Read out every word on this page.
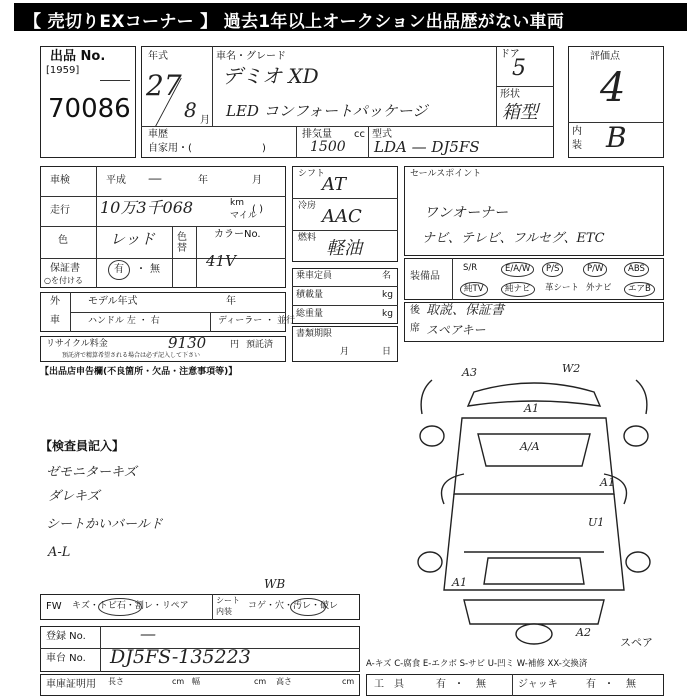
【 売切りEXコーナー 】 過去1年以上オークション出品歴がない車両
出品 No.
[1959]
70086
年式
27
8 月
車名・グレード
デミオ XD
LED コンフォートパッケージ
ドア
5
形状
箱型
評価点
4
内
装 B
車歴
自家用・(	)
排気量 cc
1500
型式
LDA — DJ5FS
車検	平成 —	年	月
走行 10万3千068	km
マイル
( )
色	レッド 色替
カラーNo.
41V
保証書
○を付ける
有 ・ 無
外
車
モデル年式	年
ハンドル 左 ・ 右	ディーラー ・ 並行
リサイクル料金	9130	円 預託済
預託済で精算希望される場合は必ず記入して下さい
シフト
AT
冷房 AAC
燃料 軽油
乗車定員	名
積載量	kg
総重量	kg
書類期限
月	日
セールスポイント
ワンオーナー
ナビ、テレビ、フルセグ、ETC
装備品
S/R	E/A/W	P/S	P/W	ABS
純TV	純ナビ	革シート 外ナビ	エアB
後
席
取説、保証書
スペアキー
【出品店申告欄(不良箇所・欠品・注意事項等)】
【検査員記入】
ゼモニターキズ
ダレキズ
シートかいバールド
A-L
A3	W2
A1
A/A
A1
U1
A1
A2
スペア
FW キズ・トビ石・割レ・リペア
シート
内装
コゲ・穴・汚レ・破レ
WB
登録 No.	—
車台 No. DJ5FS-135223
車庫証明用 長さ	cm 幅	cm 高さ	cm
A-キズ C-腐食 E-エクボ S-サビ U-凹ミ W-補修 XX-交換済
工　具	有 ・ 無	ジャッキ	有 ・ 無
